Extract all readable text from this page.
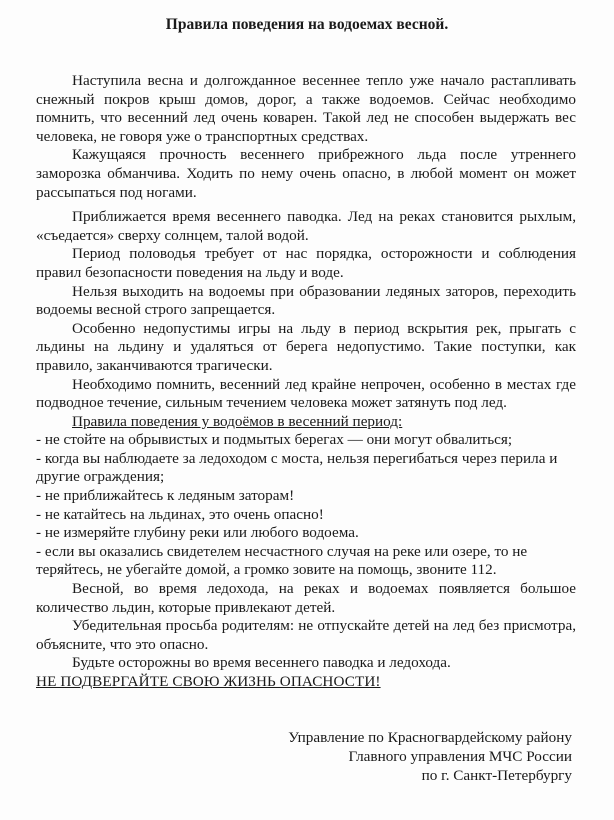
Правила поведения на водоемах весной.

Наступила весна и долгожданное весеннее тепло уже начало растапливать снежный покров крыш домов, дорог, а также водоемов. Сейчас необходимо помнить, что весенний лед очень коварен. Такой лед не способен выдержать вес человека, не говоря уже о транспортных средствах.

Кажущаяся прочность весеннего прибрежного льда после утреннего заморозка обманчива. Ходить по нему очень опасно, в любой момент он может рассыпаться под ногами.

Приближается время весеннего паводка. Лед на реках становится рыхлым, «съедается» сверху солнцем, талой водой.

Период половодья требует от нас порядка, осторожности и соблюдения правил безопасности поведения на льду и воде.

Нельзя выходить на водоемы при образовании ледяных заторов, переходить водоемы весной строго запрещается.

Особенно недопустимы игры на льду в период вскрытия рек, прыгать с льдины на льдину и удаляться от берега недопустимо. Такие поступки, как правило, заканчиваются трагически.

Необходимо помнить, весенний лед крайне непрочен, особенно в местах где подводное течение, сильным течением человека может затянуть под лед.

Правила поведения у водоёмов в весенний период:

- не стойте на обрывистых и подмытых берегах — они могут обвалиться;

- когда вы наблюдаете за ледоходом с моста, нельзя перегибаться через перила и другие ограждения;

- не приближайтесь к ледяным заторам!

- не катайтесь на льдинах, это очень опасно!

- не измеряйте глубину реки или любого водоема.

- если вы оказались свидетелем несчастного случая на реке или озере, то не теряйтесь, не убегайте домой, а громко зовите на помощь, звоните 112.

Весной, во время ледохода, на реках и водоемах появляется большое количество льдин, которые привлекают детей.

Убедительная просьба родителям: не отпускайте детей на лед без присмотра, объясните, что это опасно.

Будьте осторожны во время весеннего паводка и ледохода.

НЕ ПОДВЕРГАЙТЕ СВОЮ ЖИЗНЬ ОПАСНОСТИ!

Управление по Красногвардейскому району
Главного управления МЧС России
по г. Санкт-Петербургу
